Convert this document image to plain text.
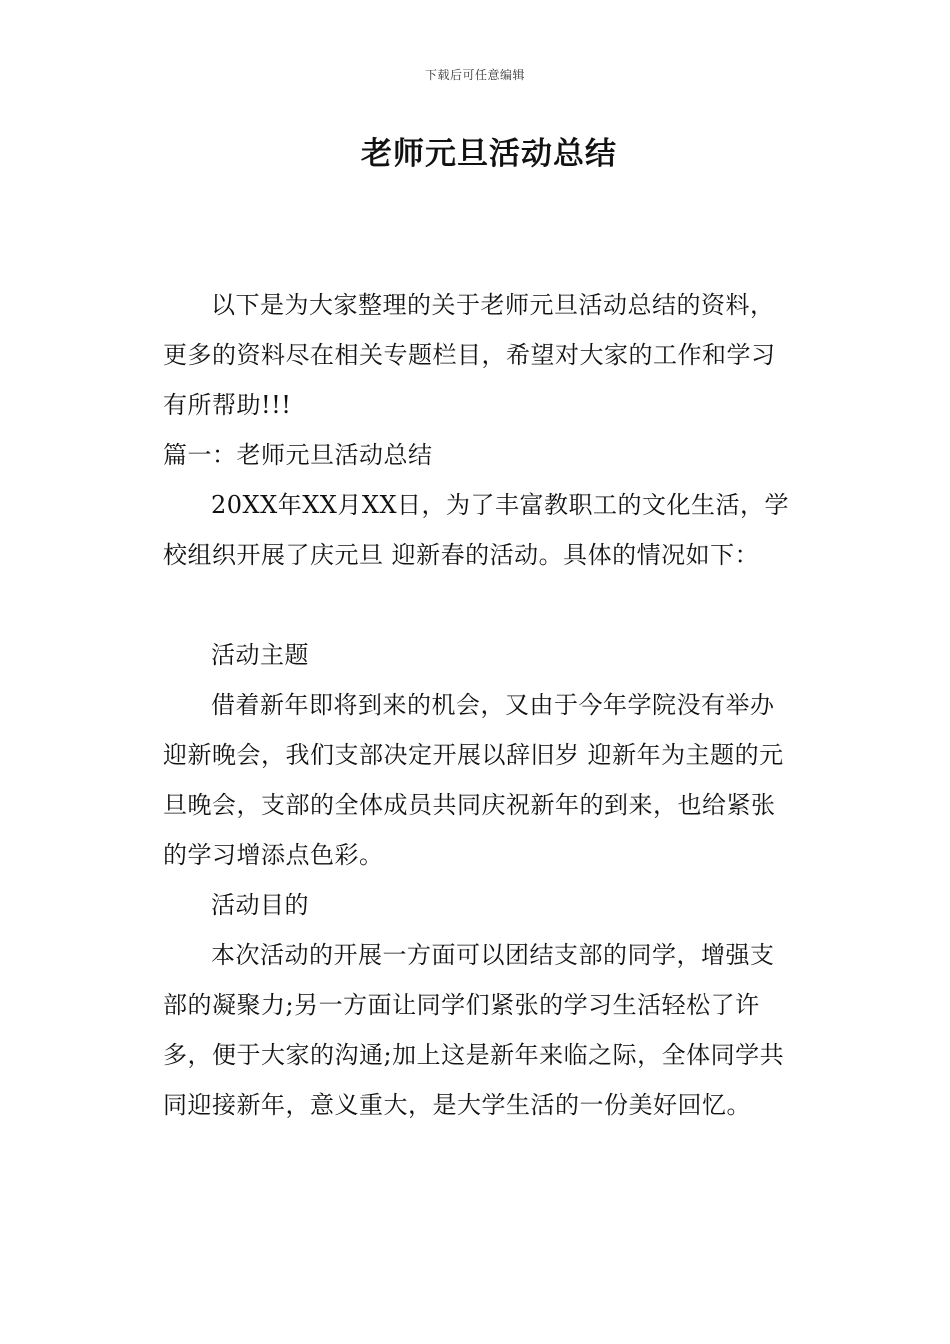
下载后可任意编辑
老师元旦活动总结

以下是为大家整理的关于老师元旦活动总结的资料，更多的资料尽在相关专题栏目，希望对大家的工作和学习有所帮助!!!

篇一：老师元旦活动总结

20XX年XX月XX日，为了丰富教职工的文化生活，学校组织开展了庆元旦 迎新春的活动。具体的情况如下：

活动主题

借着新年即将到来的机会，又由于今年学院没有举办迎新晚会，我们支部决定开展以辞旧岁 迎新年为主题的元旦晚会，支部的全体成员共同庆祝新年的到来，也给紧张的学习增添点色彩。

活动目的

本次活动的开展一方面可以团结支部的同学，增强支部的凝聚力;另一方面让同学们紧张的学习生活轻松了许多，便于大家的沟通;加上这是新年来临之际，全体同学共同迎接新年，意义重大，是大学生活的一份美好回忆。
